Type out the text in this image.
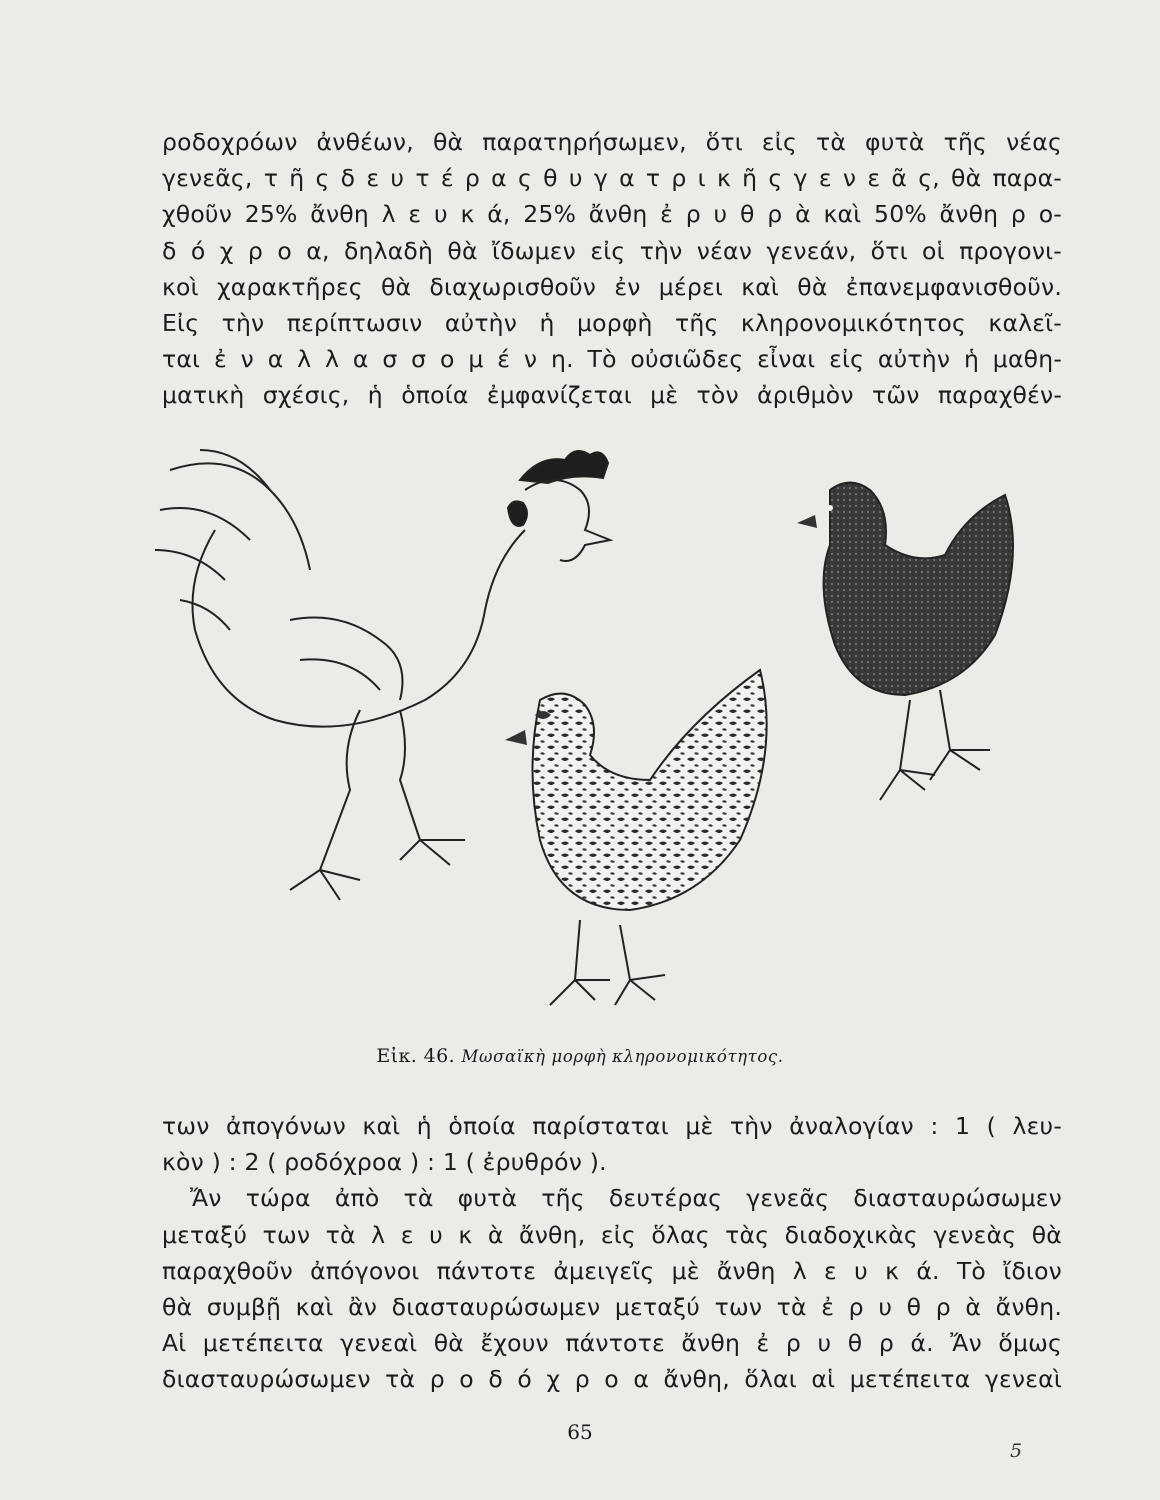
ροδοχρόων ἀνθέων, θὰ παρατηρήσωμεν, ὅτι εἰς τὰ φυτὰ τῆς νέας
γενεᾶς, τ ῆ ς δ ε υ τ έ ρ α ς θ υ γ α τ ρ ι κ ῆ ς γ ε ν ε ᾶ ς, θὰ παρα-
χθοῦν 25% ἄνθη λ ε υ κ ά, 25% ἄνθη ἐ ρ υ θ ρ ὰ καὶ 50% ἄνθη ρ ο-
δ ό χ ρ ο α, δηλαδὴ θὰ ἴδωμεν εἰς τὴν νέαν γενεάν, ὅτι οἱ προγονι-
κοὶ χαρακτῆρες θὰ διαχωρισθοῦν ἐν μέρει καὶ θὰ ἐπανεμφανισθοῦν.
Εἰς τὴν περίπτωσιν αὐτὴν ἡ μορφὴ τῆς κληρονομικότητος καλεῖ-
ται ἐ ν α λ λ α σ σ ο μ έ ν η. Τὸ οὐσιῶδες εἶναι εἰς αὐτὴν ἡ μαθη-
ματικὴ σχέσις, ἡ ὁποία ἐμφανίζεται μὲ τὸν ἀριθμὸν τῶν παραχθέν-
Εἰκ. 46. Μωσαϊκὴ μορφὴ κληρονομικότητος.
των ἀπογόνων καὶ ἡ ὁποία παρίσταται μὲ τὴν ἀναλογίαν : 1 ( λευ-
κὸν ) : 2 ( ροδόχροα ) : 1 ( ἐρυθρόν ).
Ἄν τώρα ἀπὸ τὰ φυτὰ τῆς δευτέρας γενεᾶς διασταυρώσωμεν
μεταξύ των τὰ λ ε υ κ ὰ ἄνθη, εἰς ὅλας τὰς διαδοχικὰς γενεὰς θὰ
παραχθοῦν ἀπόγονοι πάντοτε ἀμειγεῖς μὲ ἄνθη λ ε υ κ ά. Τὸ ἴδιον
θὰ συμβῇ καὶ ἂν διασταυρώσωμεν μεταξύ των τὰ ἐ ρ υ θ ρ ὰ ἄνθη.
Αἱ μετέπειτα γενεαὶ θὰ ἔχουν πάντοτε ἄνθη ἐ ρ υ θ ρ ά. Ἄν ὅμως
διασταυρώσωμεν τὰ ρ ο δ ό χ ρ ο α ἄνθη, ὅλαι αἱ μετέπειτα γενεαὶ
65
5
